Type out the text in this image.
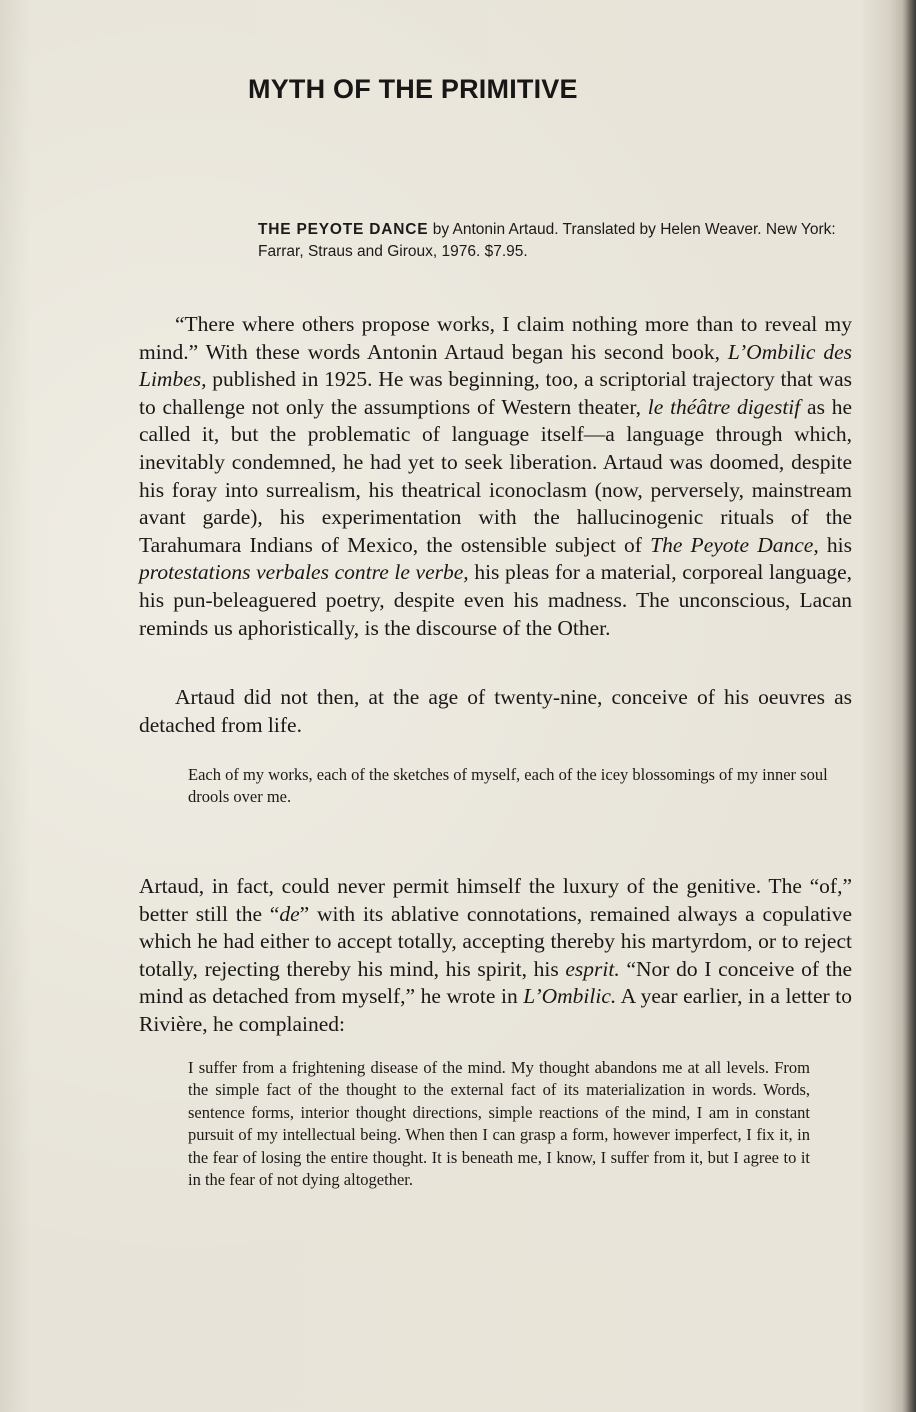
MYTH OF THE PRIMITIVE
THE PEYOTE DANCE by Antonin Artaud. Translated by Helen Weaver. New York: Farrar, Straus and Giroux, 1976. $7.95.
“There where others propose works, I claim nothing more than to reveal my mind.” With these words Antonin Artaud began his second book, L’Ombilic des Limbes, published in 1925. He was beginning, too, a scriptorial trajectory that was to challenge not only the assumptions of Western theater, le théâtre digestif as he called it, but the problematic of language itself—a language through which, inevitably condemned, he had yet to seek liberation. Artaud was doomed, despite his foray into surrealism, his theatrical iconoclasm (now, perversely, mainstream avant garde), his experimentation with the hallucinogenic rituals of the Tarahumara Indians of Mexico, the ostensible subject of The Peyote Dance, his protestations verbales contre le verbe, his pleas for a material, corporeal language, his pun-beleaguered poetry, despite even his madness. The unconscious, Lacan reminds us aphoristically, is the discourse of the Other.
Artaud did not then, at the age of twenty-nine, conceive of his oeuvres as detached from life.
Each of my works, each of the sketches of myself, each of the icey blossomings of my inner soul drools over me.
Artaud, in fact, could never permit himself the luxury of the genitive. The “of,” better still the “de” with its ablative connotations, remained always a copulative which he had either to accept totally, accepting thereby his martyrdom, or to reject totally, rejecting thereby his mind, his spirit, his esprit. “Nor do I conceive of the mind as detached from myself,” he wrote in L’Ombilic. A year earlier, in a letter to Rivière, he complained:
I suffer from a frightening disease of the mind. My thought abandons me at all levels. From the simple fact of the thought to the external fact of its materialization in words. Words, sentence forms, interior thought directions, simple reactions of the mind, I am in constant pursuit of my intellectual being. When then I can grasp a form, however imperfect, I fix it, in the fear of losing the entire thought. It is beneath me, I know, I suffer from it, but I agree to it in the fear of not dying altogether.
